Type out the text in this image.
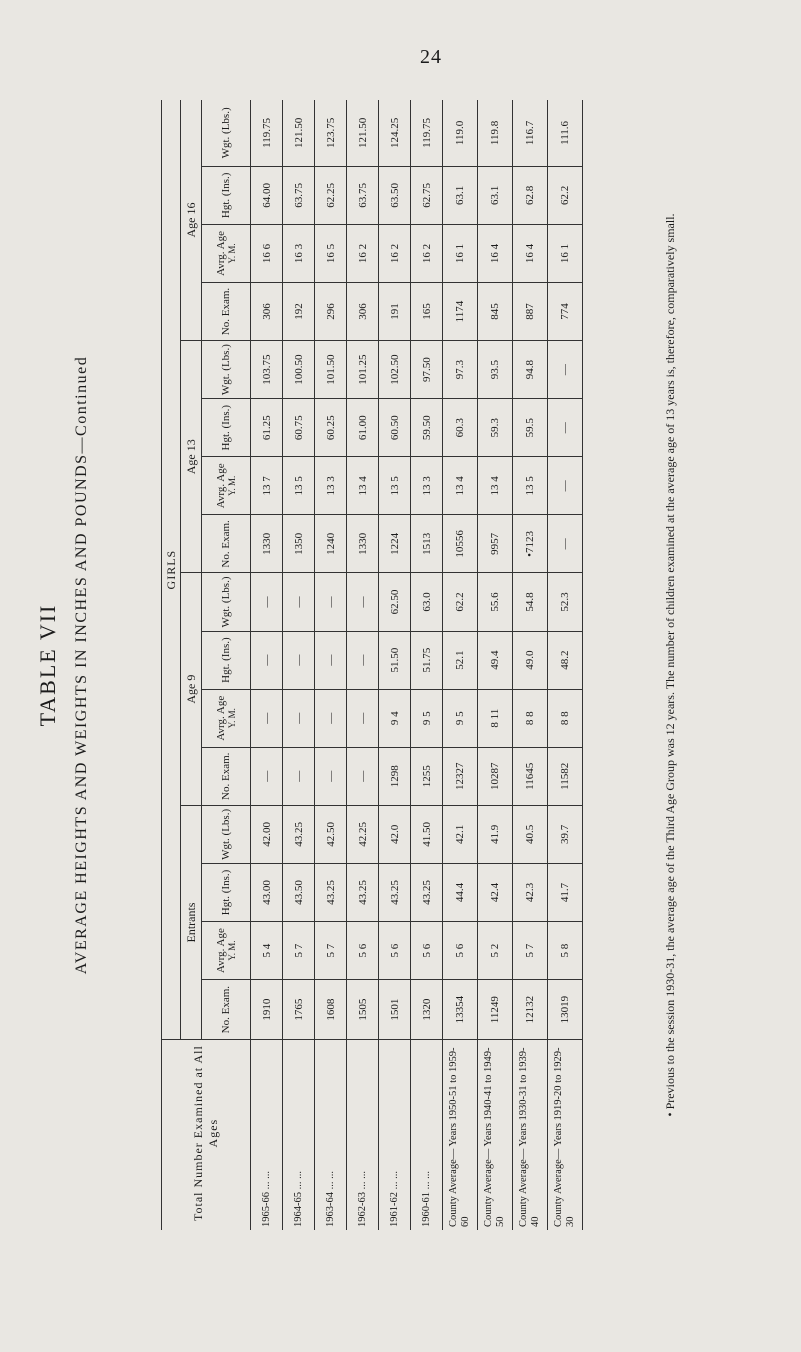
24
TABLE VII AVERAGE HEIGHTS AND WEIGHTS IN INCHES AND POUNDS—Continued
Total Number Examined at All Ages	GIRLS															
	Entrants				Age 9				Age 13				Age 16			
	No. Exam.	Avrg. Age Y. M.	Hgt. (Ins.)	Wgt. (Lbs.)	No. Exam.	Avrg. Age Y. M.	Hgt. (Ins.)	Wgt. (Lbs.)	No. Exam.	Avrg. Age Y. M.	Hgt. (Ins.)	Wgt. (Lbs.)	No. Exam.	Avrg. Age Y. M.	Hgt. (Ins.)	Wgt. (Lbs.)
1965-66 ... ...	1910	5 4	43.00	42.00	—	—	—	—	1330	13 7	61.25	103.75	306	16 6	64.00	119.75
1964-65 ... ...	1765	5 7	43.50	43.25	—	—	—	—	1350	13 5	60.75	100.50	192	16 3	63.75	121.50
1963-64 ... ...	1608	5 7	43.25	42.50	—	—	—	—	1240	13 3	60.25	101.50	296	16 5	62.25	123.75
1962-63 ... ...	1505	5 6	43.25	42.25	—	—	—	—	1330	13 4	61.00	101.25	306	16 2	63.75	121.50
1961-62 ... ...	1501	5 6	43.25	42.0	1298	9 4	51.50	62.50	1224	13 5	60.50	102.50	191	16 2	63.50	124.25
1960-61 ... ...	1320	5 6	43.25	41.50	1255	9 5	51.75	63.0	1513	13 3	59.50	97.50	165	16 2	62.75	119.75
County Average— Years 1950-51 to 1959-60	13354	5 6	44.4	42.1	12327	9 5	52.1	62.2	10556	13 4	60.3	97.3	1174	16 1	63.1	119.0
County Average— Years 1940-41 to 1949-50	11249	5 2	42.4	41.9	10287	8 11	49.4	55.6	9957	13 4	59.3	93.5	845	16 4	63.1	119.8
County Average— Years 1930-31 to 1939-40	12132	5 7	42.3	40.5	11645	8 8	49.0	54.8	•7123	13 5	59.5	94.8	887	16 4	62.8	116.7
County Average— Years 1919-20 to 1929-30	13019	5 8	41.7	39.7	11582	8 8	48.2	52.3	—	—	—	—	774	16 1	62.2	111.6
• Previous to the session 1930-31, the average age of the Third Age Group was 12 years. The number of children examined at the average age of 13 years is, therefore, comparatively small.
